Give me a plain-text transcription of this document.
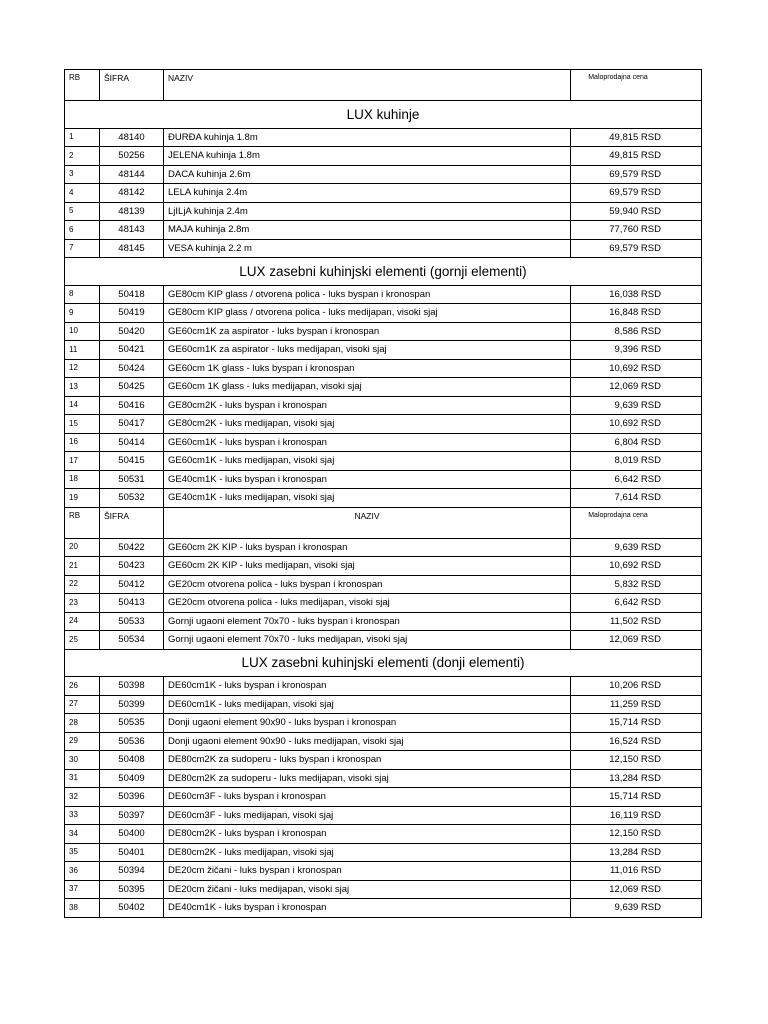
RB	ŠIFRA	NAZIV	Maloprodajna cena
LUX kuhinje			
1	48140	ĐURĐA kuhinja 1.8m	49,815 RSD
2	50256	JELENA kuhinja 1.8m	49,815 RSD
3	48144	DACA kuhinja 2.6m	69,579 RSD
4	48142	LELA kuhinja 2.4m	69,579 RSD
5	48139	LjILjA kuhinja 2.4m	59,940 RSD
6	48143	MAJA kuhinja 2.8m	77,760 RSD
7	48145	VESA kuhinja 2.2 m	69,579 RSD
LUX zasebni kuhinjski elementi (gornji elementi)			
8	50418	GE80cm KIP glass / otvorena polica - luks byspan i kronospan	16,038 RSD
9	50419	GE80cm KIP glass / otvorena polica - luks medijapan, visoki sjaj	16,848 RSD
10	50420	GE60cm1K za aspirator - luks byspan i kronospan	8,586 RSD
11	50421	GE60cm1K za aspirator - luks medijapan, visoki sjaj	9,396 RSD
12	50424	GE60cm 1K glass - luks byspan i kronospan	10,692 RSD
13	50425	GE60cm 1K glass - luks medijapan, visoki sjaj	12,069 RSD
14	50416	GE80cm2K - luks byspan i kronospan	9,639 RSD
15	50417	GE80cm2K - luks medijapan, visoki sjaj	10,692 RSD
16	50414	GE60cm1K - luks byspan i kronospan	6,804 RSD
17	50415	GE60cm1K - luks medijapan, visoki sjaj	8,019 RSD
18	50531	GE40cm1K - luks byspan i kronospan	6,642 RSD
19	50532	GE40cm1K - luks medijapan, visoki sjaj	7,614 RSD
RB	ŠIFRA	NAZIV	Maloprodajna cena
20	50422	GE60cm 2K KIP - luks byspan i kronospan	9,639 RSD
21	50423	GE60cm 2K KIP - luks medijapan, visoki sjaj	10,692 RSD
22	50412	GE20cm otvorena polica - luks byspan i kronospan	5,832 RSD
23	50413	GE20cm otvorena polica - luks medijapan, visoki sjaj	6,642 RSD
24	50533	Gornji ugaoni element 70x70 - luks byspan i kronospan	11,502 RSD
25	50534	Gornji ugaoni element 70x70 - luks medijapan, visoki sjaj	12,069 RSD
LUX zasebni kuhinjski elementi (donji elementi)			
26	50398	DE60cm1K - luks byspan i kronospan	10,206 RSD
27	50399	DE60cm1K - luks medijapan, visoki sjaj	11,259 RSD
28	50535	Donji ugaoni element 90x90 - luks byspan i kronospan	15,714 RSD
29	50536	Donji ugaoni element 90x90 - luks medijapan, visoki sjaj	16,524 RSD
30	50408	DE80cm2K za sudoperu - luks byspan i kronospan	12,150 RSD
31	50409	DE80cm2K za sudoperu - luks medijapan, visoki sjaj	13,284 RSD
32	50396	DE60cm3F - luks byspan i kronospan	15,714 RSD
33	50397	DE60cm3F - luks medijapan, visoki sjaj	16,119 RSD
34	50400	DE80cm2K - luks byspan i kronospan	12,150 RSD
35	50401	DE80cm2K - luks medijapan, visoki sjaj	13,284 RSD
36	50394	DE20cm žičani - luks byspan i kronospan	11,016 RSD
37	50395	DE20cm žičani - luks medijapan, visoki sjaj	12,069 RSD
38	50402	DE40cm1K - luks byspan i kronospan	9,639 RSD
